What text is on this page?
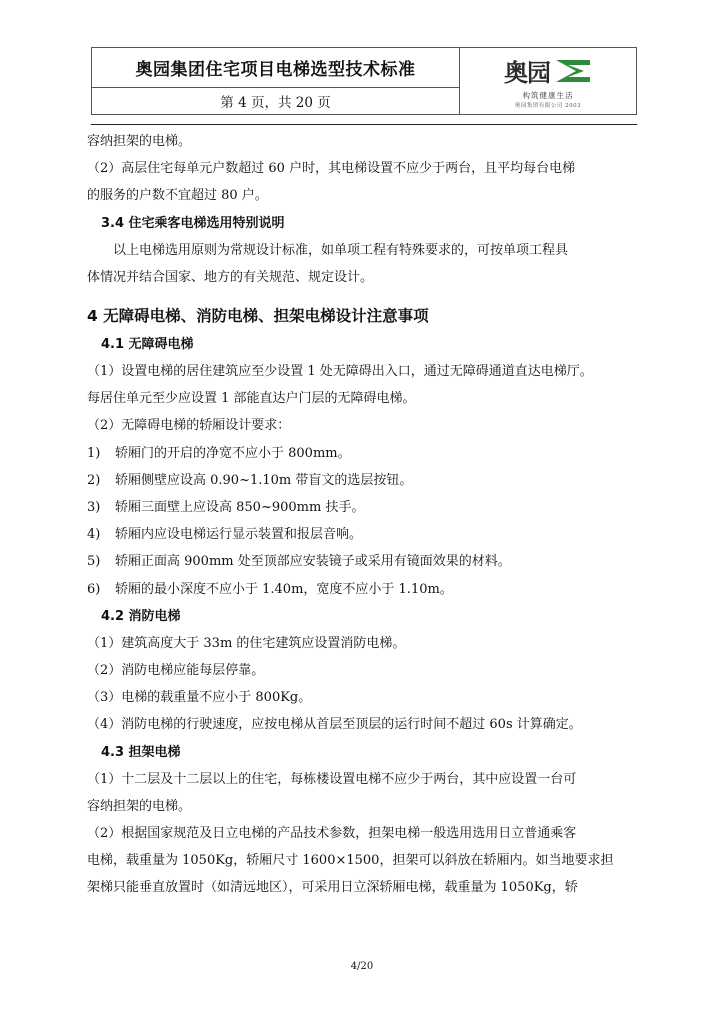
奥园集团住宅项目电梯选型技术标准	奥园
构筑健康生活
奥园集团有限公司 2003

第 4 页，共 20 页

容纳担架的电梯。

（2）高层住宅每单元户数超过 60 户时，其电梯设置不应少于两台，且平均每台电梯

的服务的户数不宜超过 80 户。

3.4 住宅乘客电梯选用特别说明

以上电梯选用原则为常规设计标准，如单项工程有特殊要求的，可按单项工程具

体情况并结合国家、地方的有关规范、规定设计。

4 无障碍电梯、消防电梯、担架电梯设计注意事项

4.1 无障碍电梯

（1）设置电梯的居住建筑应至少设置 1 处无障碍出入口，通过无障碍通道直达电梯厅。

每居住单元至少应设置 1 部能直达户门层的无障碍电梯。

（2）无障碍电梯的轿厢设计要求：

1)	轿厢门的开启的净宽不应小于 800mm。
2)	轿厢侧壁应设高 0.90~1.10m 带盲文的选层按钮。
3)	轿厢三面壁上应设高 850~900mm 扶手。
4)	轿厢内应设电梯运行显示装置和报层音响。
5)	轿厢正面高 900mm 处至顶部应安装镜子或采用有镜面效果的材料。
6)	轿厢的最小深度不应小于 1.40m，宽度不应小于 1.10m。

4.2 消防电梯

（1）建筑高度大于 33m 的住宅建筑应设置消防电梯。

（2）消防电梯应能每层停靠。

（3）电梯的载重量不应小于 800Kg。

（4）消防电梯的行驶速度，应按电梯从首层至顶层的运行时间不超过 60s 计算确定。

4.3 担架电梯

（1）十二层及十二层以上的住宅，每栋楼设置电梯不应少于两台，其中应设置一台可

容纳担架的电梯。

（2）根据国家规范及日立电梯的产品技术参数，担架电梯一般选用选用日立普通乘客

电梯，载重量为 1050Kg，轿厢尺寸 1600×1500，担架可以斜放在轿厢内。如当地要求担

架梯只能垂直放置时（如清远地区），可采用日立深轿厢电梯，载重量为 1050Kg，轿

4/20
